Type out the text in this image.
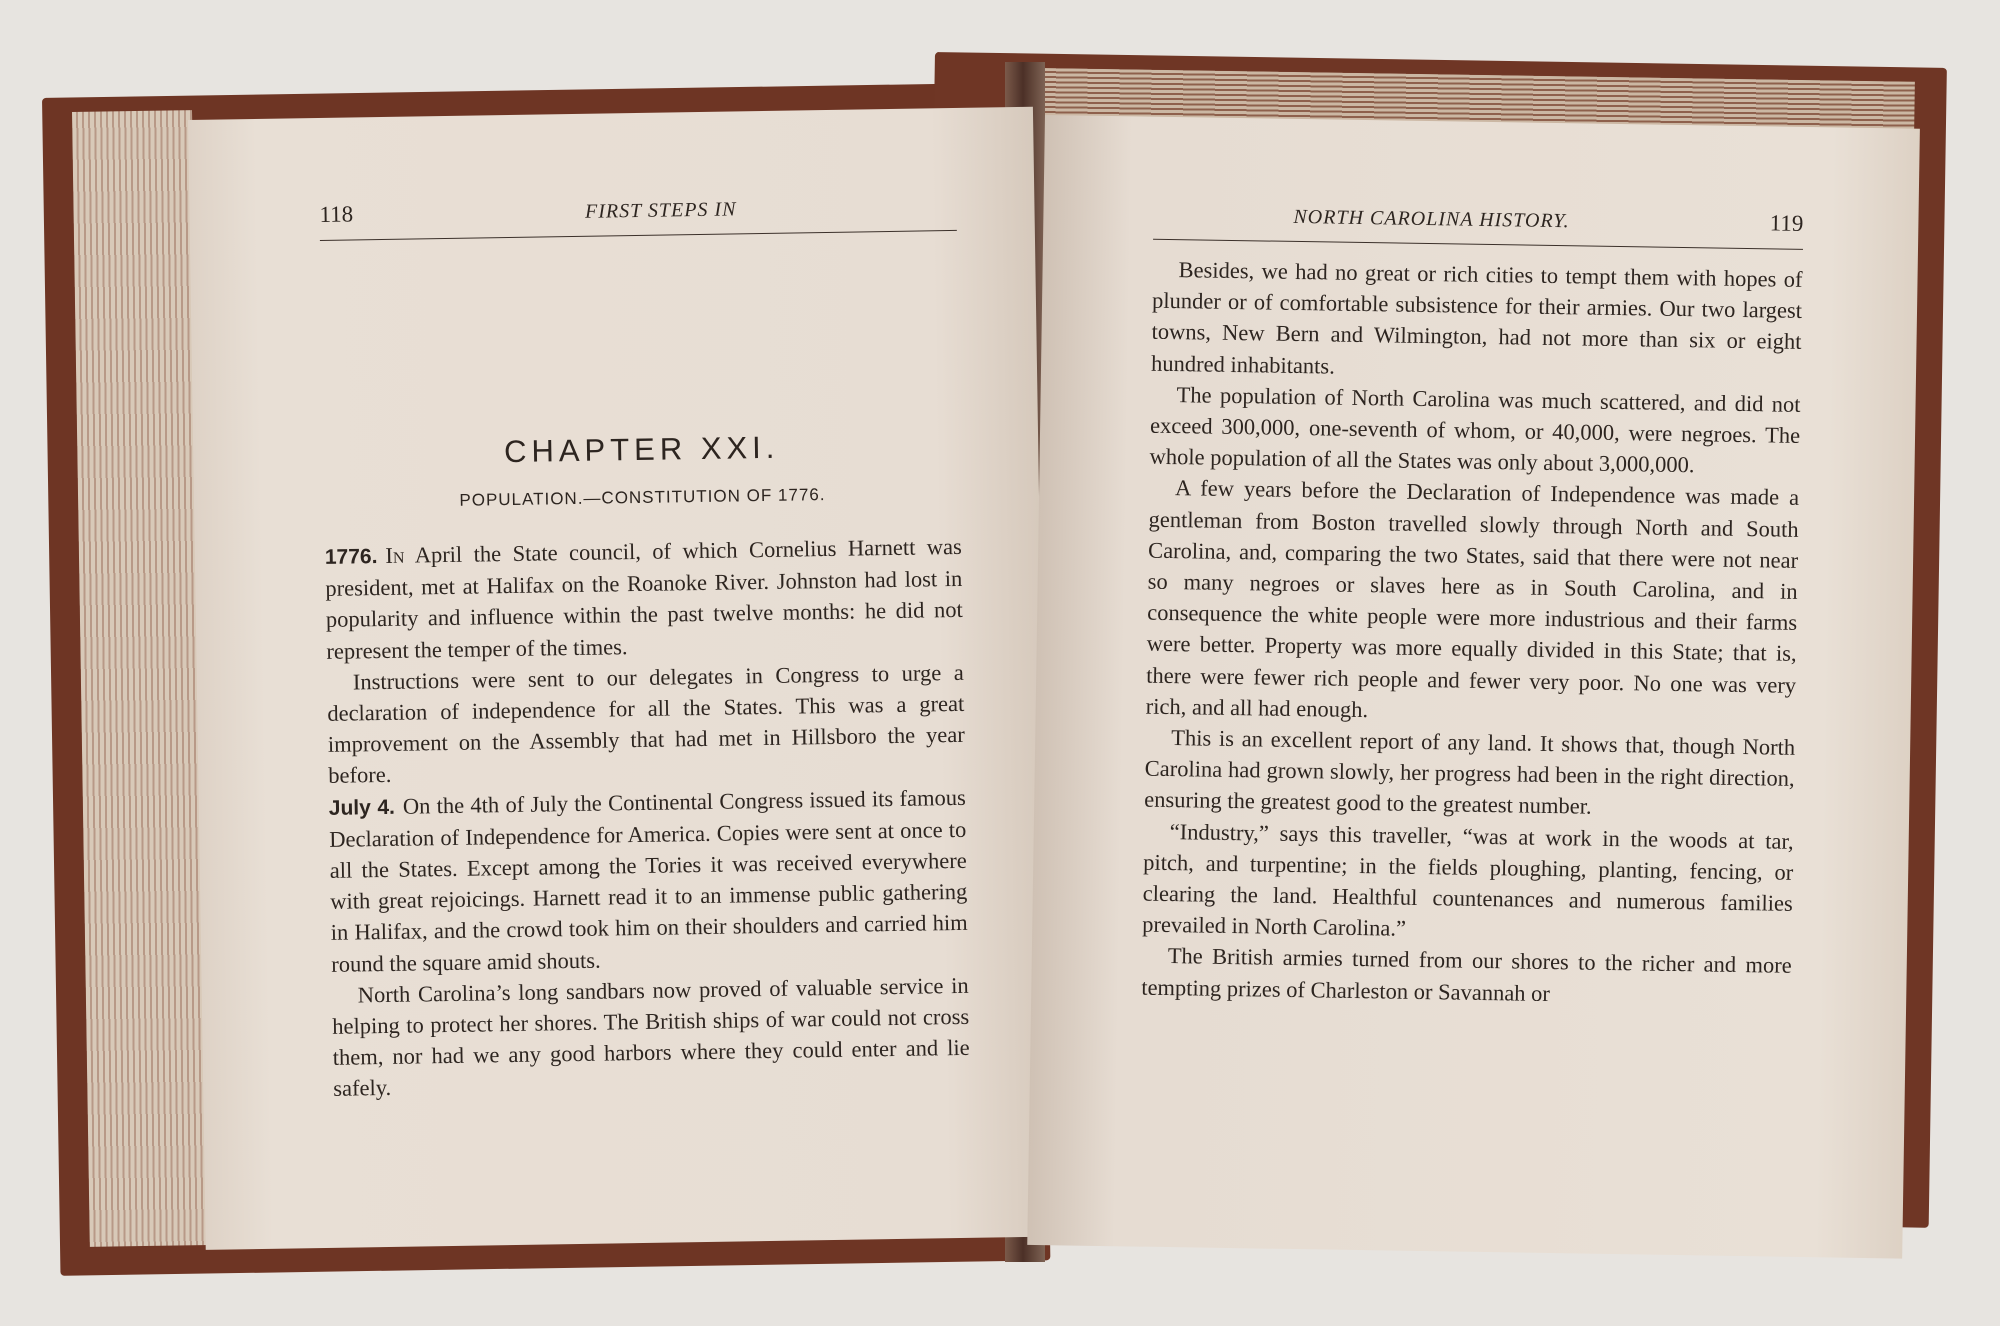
118	FIRST STEPS IN
CHAPTER XXI.
POPULATION.—CONSTITUTION OF 1776.

1776. In April the State council, of which Cornelius Harnett was president, met at Halifax on the Roanoke River. Johnston had lost in popularity and influence within the past twelve months: he did not represent the temper of the times.

Instructions were sent to our delegates in Congress to urge a declaration of independence for all the States. This was a great improvement on the Assembly that had met in Hillsboro the year before.

July 4. On the 4th of July the Continental Congress issued its famous Declaration of Independence for America. Copies were sent at once to all the States. Except among the Tories it was received everywhere with great rejoicings. Harnett read it to an immense public gathering in Halifax, and the crowd took him on their shoulders and carried him round the square amid shouts.

North Carolina’s long sandbars now proved of valuable service in helping to protect her shores. The British ships of war could not cross them, nor had we any good harbors where they could enter and lie safely.

NORTH CAROLINA HISTORY.	119

Besides, we had no great or rich cities to tempt them with hopes of plunder or of comfortable subsistence for their armies. Our two largest towns, New Bern and Wilmington, had not more than six or eight hundred inhabitants.

The population of North Carolina was much scattered, and did not exceed 300,000, one-seventh of whom, or 40,000, were negroes. The whole population of all the States was only about 3,000,000.

A few years before the Declaration of Independence was made a gentleman from Boston travelled slowly through North and South Carolina, and, comparing the two States, said that there were not near so many negroes or slaves here as in South Carolina, and in consequence the white people were more industrious and their farms were better. Property was more equally divided in this State; that is, there were fewer rich people and fewer very poor. No one was very rich, and all had enough.

This is an excellent report of any land. It shows that, though North Carolina had grown slowly, her progress had been in the right direction, ensuring the greatest good to the greatest number.

“Industry,” says this traveller, “was at work in the woods at tar, pitch, and turpentine; in the fields ploughing, planting, fencing, or clearing the land. Healthful countenances and numerous families prevailed in North Carolina.”

The British armies turned from our shores to the richer and more tempting prizes of Charleston or Savannah or
